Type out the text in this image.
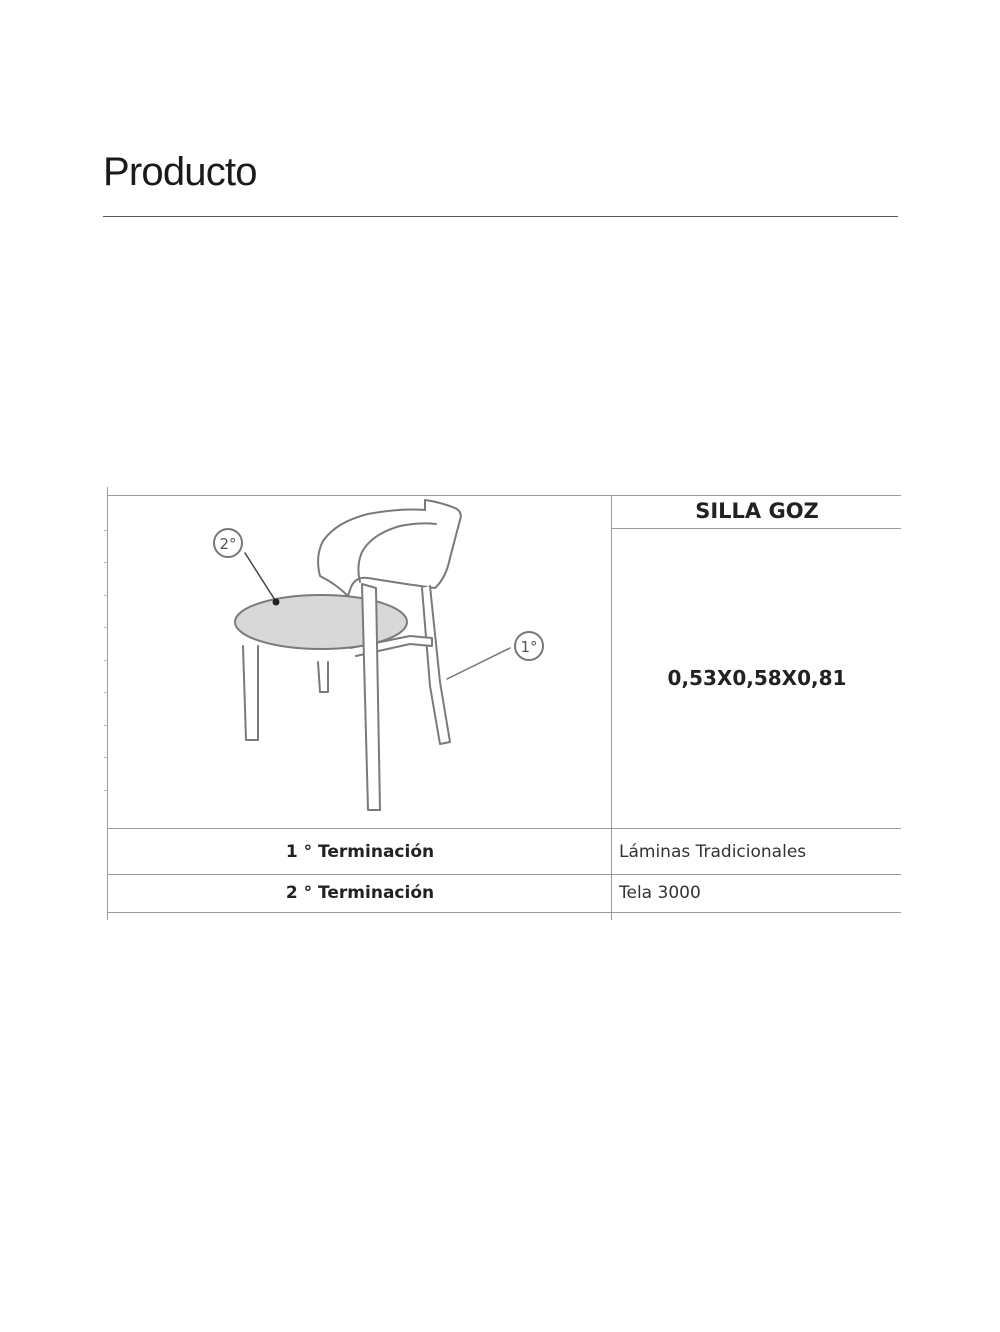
Producto
SILLA GOZ
0,53X0,58X0,81
1 ° Terminación	Láminas Tradicionales
2 ° Terminación	Tela 3000
2°
1°
